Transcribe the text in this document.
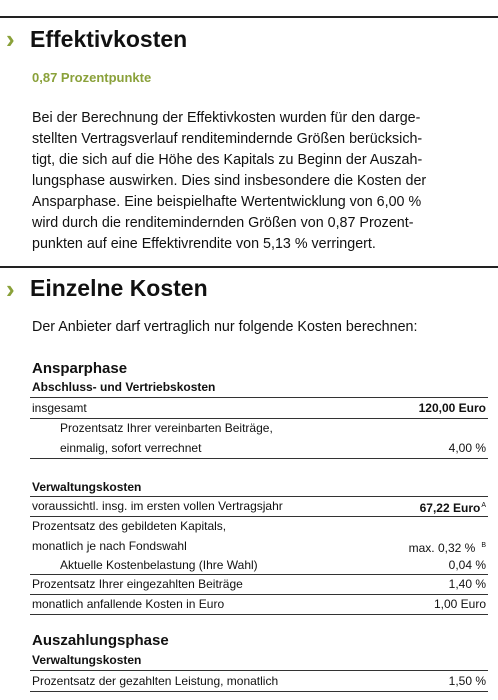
› Effektivkosten
0,87 Prozentpunkte
Bei der Berechnung der Effektivkosten wurden für den darge-
stellten Vertragsverlauf renditemindernde Größen berücksich-
tigt, die sich auf die Höhe des Kapitals zu Beginn der Auszah-
lungsphase auswirken. Dies sind insbesondere die Kosten der
Ansparphase. Eine beispielhafte Wertentwicklung von 6,00 %
wird durch die renditemindernden Größen von 0,87 Prozent-
punkten auf eine Effektivrendite von 5,13 % verringert.
› Einzelne Kosten
Der Anbieter darf vertraglich nur folgende Kosten berechnen:
Ansparphase
Abschluss- und Vertriebskosten
insgesamt	120,00 Euro
Prozentsatz Ihrer vereinbarten Beiträge,
einmalig, sofort verrechnet	4,00 %
Verwaltungskosten
voraussichtl. insg. im ersten vollen Vertragsjahr	67,22 Euro$^A$
Prozentsatz des gebildeten Kapitals,
monatlich je nach Fondswahl	max. 0,32 % $^B$
Aktuelle Kostenbelastung (Ihre Wahl)	0,04 %
Prozentsatz Ihrer eingezahlten Beiträge	1,40 %
monatlich anfallende Kosten in Euro	1,00 Euro
Auszahlungsphase
Verwaltungskosten
Prozentsatz der gezahlten Leistung, monatlich	1,50 %
